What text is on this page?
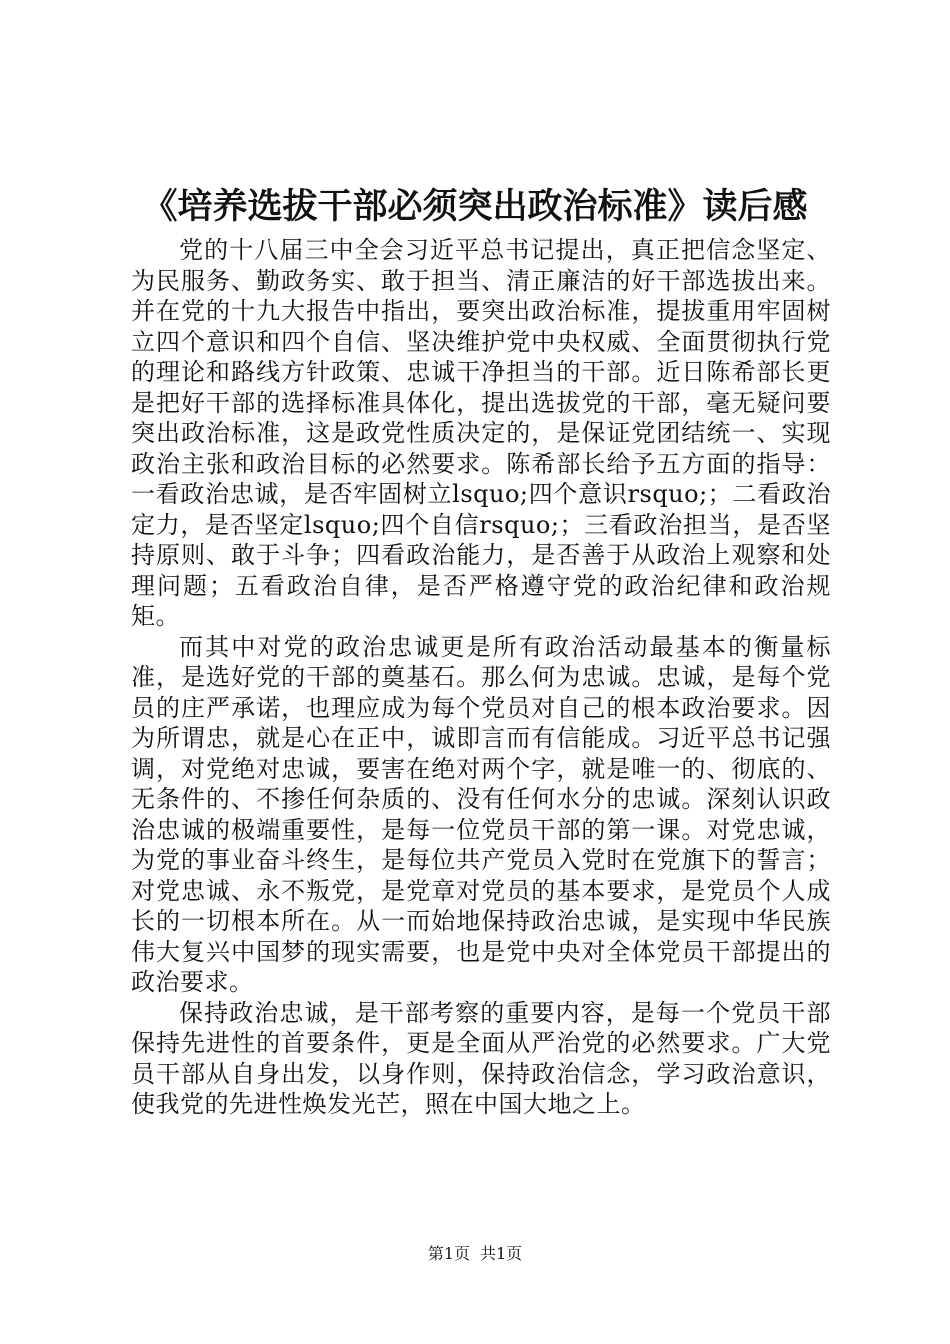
《培养选拔干部必须突出政治标准》读后感

党的十八届三中全会习近平总书记提出，真正把信念坚定、为民服务、勤政务实、敢于担当、清正廉洁的好干部选拔出来。并在党的十九大报告中指出，要突出政治标准，提拔重用牢固树立四个意识和四个自信、坚决维护党中央权威、全面贯彻执行党的理论和路线方针政策、忠诚干净担当的干部。近日陈希部长更是把好干部的选择标准具体化，提出选拔党的干部，毫无疑问要突出政治标准，这是政党性质决定的，是保证党团结统一、实现政治主张和政治目标的必然要求。陈希部长给予五方面的指导：一看政治忠诚，是否牢固树立lsquo;四个意识rsquo;；二看政治定力，是否坚定lsquo;四个自信rsquo;；三看政治担当，是否坚持原则、敢于斗争；四看政治能力，是否善于从政治上观察和处理问题；五看政治自律，是否严格遵守党的政治纪律和政治规矩。

而其中对党的政治忠诚更是所有政治活动最基本的衡量标准，是选好党的干部的奠基石。那么何为忠诚。忠诚，是每个党员的庄严承诺，也理应成为每个党员对自己的根本政治要求。因为所谓忠，就是心在正中，诚即言而有信能成。习近平总书记强调，对党绝对忠诚，要害在绝对两个字，就是唯一的、彻底的、无条件的、不掺任何杂质的、没有任何水分的忠诚。深刻认识政治忠诚的极端重要性，是每一位党员干部的第一课。对党忠诚，为党的事业奋斗终生，是每位共产党员入党时在党旗下的誓言；对党忠诚、永不叛党，是党章对党员的基本要求，是党员个人成长的一切根本所在。从一而始地保持政治忠诚，是实现中华民族伟大复兴中国梦的现实需要，也是党中央对全体党员干部提出的政治要求。

保持政治忠诚，是干部考察的重要内容，是每一个党员干部保持先进性的首要条件，更是全面从严治党的必然要求。广大党员干部从自身出发，以身作则，保持政治信念，学习政治意识，使我党的先进性焕发光芒，照在中国大地之上。

第1页 共1页
